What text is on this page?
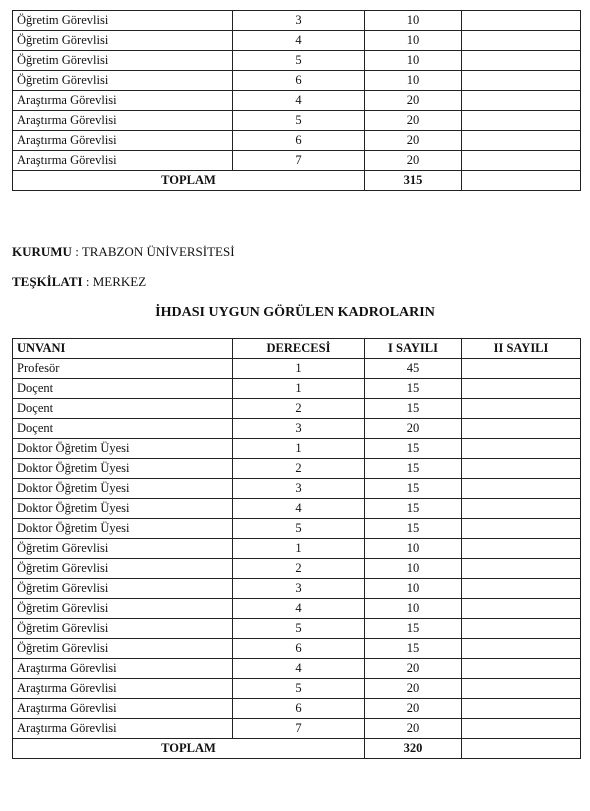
Öğretim Görevlisi	3	10	
Öğretim Görevlisi	4	10	
Öğretim Görevlisi	5	10	
Öğretim Görevlisi	6	10	
Araştırma Görevlisi	4	20	
Araştırma Görevlisi	5	20	
Araştırma Görevlisi	6	20	
Araştırma Görevlisi	7	20	
TOPLAM		315	
KURUMU : TRABZON ÜNİVERSİTESİ
TEŞKİLATI : MERKEZ
İHDASI UYGUN GÖRÜLEN KADROLARIN
UNVANI	DERECESİ	I SAYILI	II SAYILI
Profesör	1	45	
Doçent	1	15	
Doçent	2	15	
Doçent	3	20	
Doktor Öğretim Üyesi	1	15	
Doktor Öğretim Üyesi	2	15	
Doktor Öğretim Üyesi	3	15	
Doktor Öğretim Üyesi	4	15	
Doktor Öğretim Üyesi	5	15	
Öğretim Görevlisi	1	10	
Öğretim Görevlisi	2	10	
Öğretim Görevlisi	3	10	
Öğretim Görevlisi	4	10	
Öğretim Görevlisi	5	15	
Öğretim Görevlisi	6	15	
Araştırma Görevlisi	4	20	
Araştırma Görevlisi	5	20	
Araştırma Görevlisi	6	20	
Araştırma Görevlisi	7	20	
TOPLAM		320	
